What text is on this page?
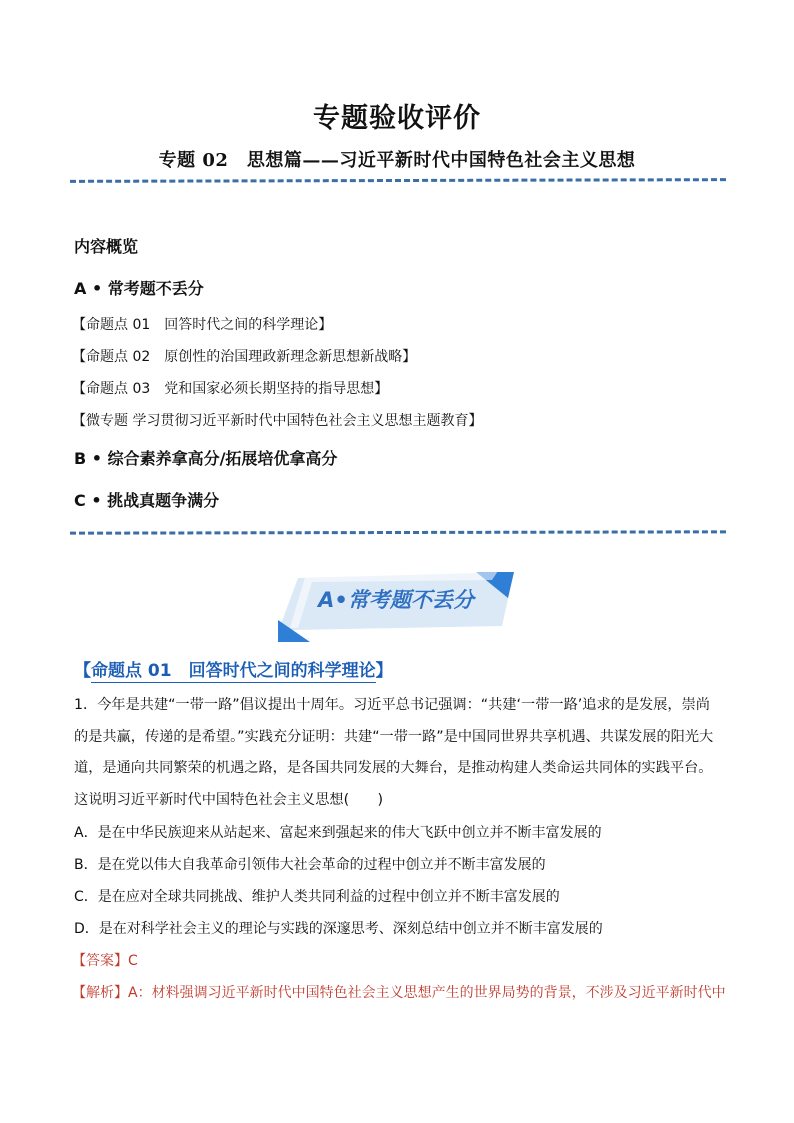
专题验收评价
专题 02　思想篇——习近平新时代中国特色社会主义思想
内容概览
A • 常考题不丢分
【命题点 01　回答时代之间的科学理论】
【命题点 02　原创性的治国理政新理念新思想新战略】
【命题点 03　党和国家必须长期坚持的指导思想】
【微专题 学习贯彻习近平新时代中国特色社会主义思想主题教育】
B • 综合素养拿高分/拓展培优拿高分
C • 挑战真题争满分
A•常考题不丢分
【命题点 01　回答时代之间的科学理论】
1．今年是共建“一带一路”倡议提出十周年。习近平总书记强调：“共建‘一带一路’追求的是发展，崇尚的是共赢，传递的是希望。”实践充分证明：共建“一带一路”是中国同世界共享机遇、共谋发展的阳光大道，是通向共同繁荣的机遇之路，是各国共同发展的大舞台，是推动构建人类命运共同体的实践平台。这说明习近平新时代中国特色社会主义思想(　　)
A．是在中华民族迎来从站起来、富起来到强起来的伟大飞跃中创立并不断丰富发展的
B．是在党以伟大自我革命引领伟大社会革命的过程中创立并不断丰富发展的
C．是在应对全球共同挑战、维护人类共同利益的过程中创立并不断丰富发展的
D．是在对科学社会主义的理论与实践的深邃思考、深刻总结中创立并不断丰富发展的
【答案】C
【解析】A：材料强调习近平新时代中国特色社会主义思想产生的世界局势的背景，不涉及习近平新时代中
